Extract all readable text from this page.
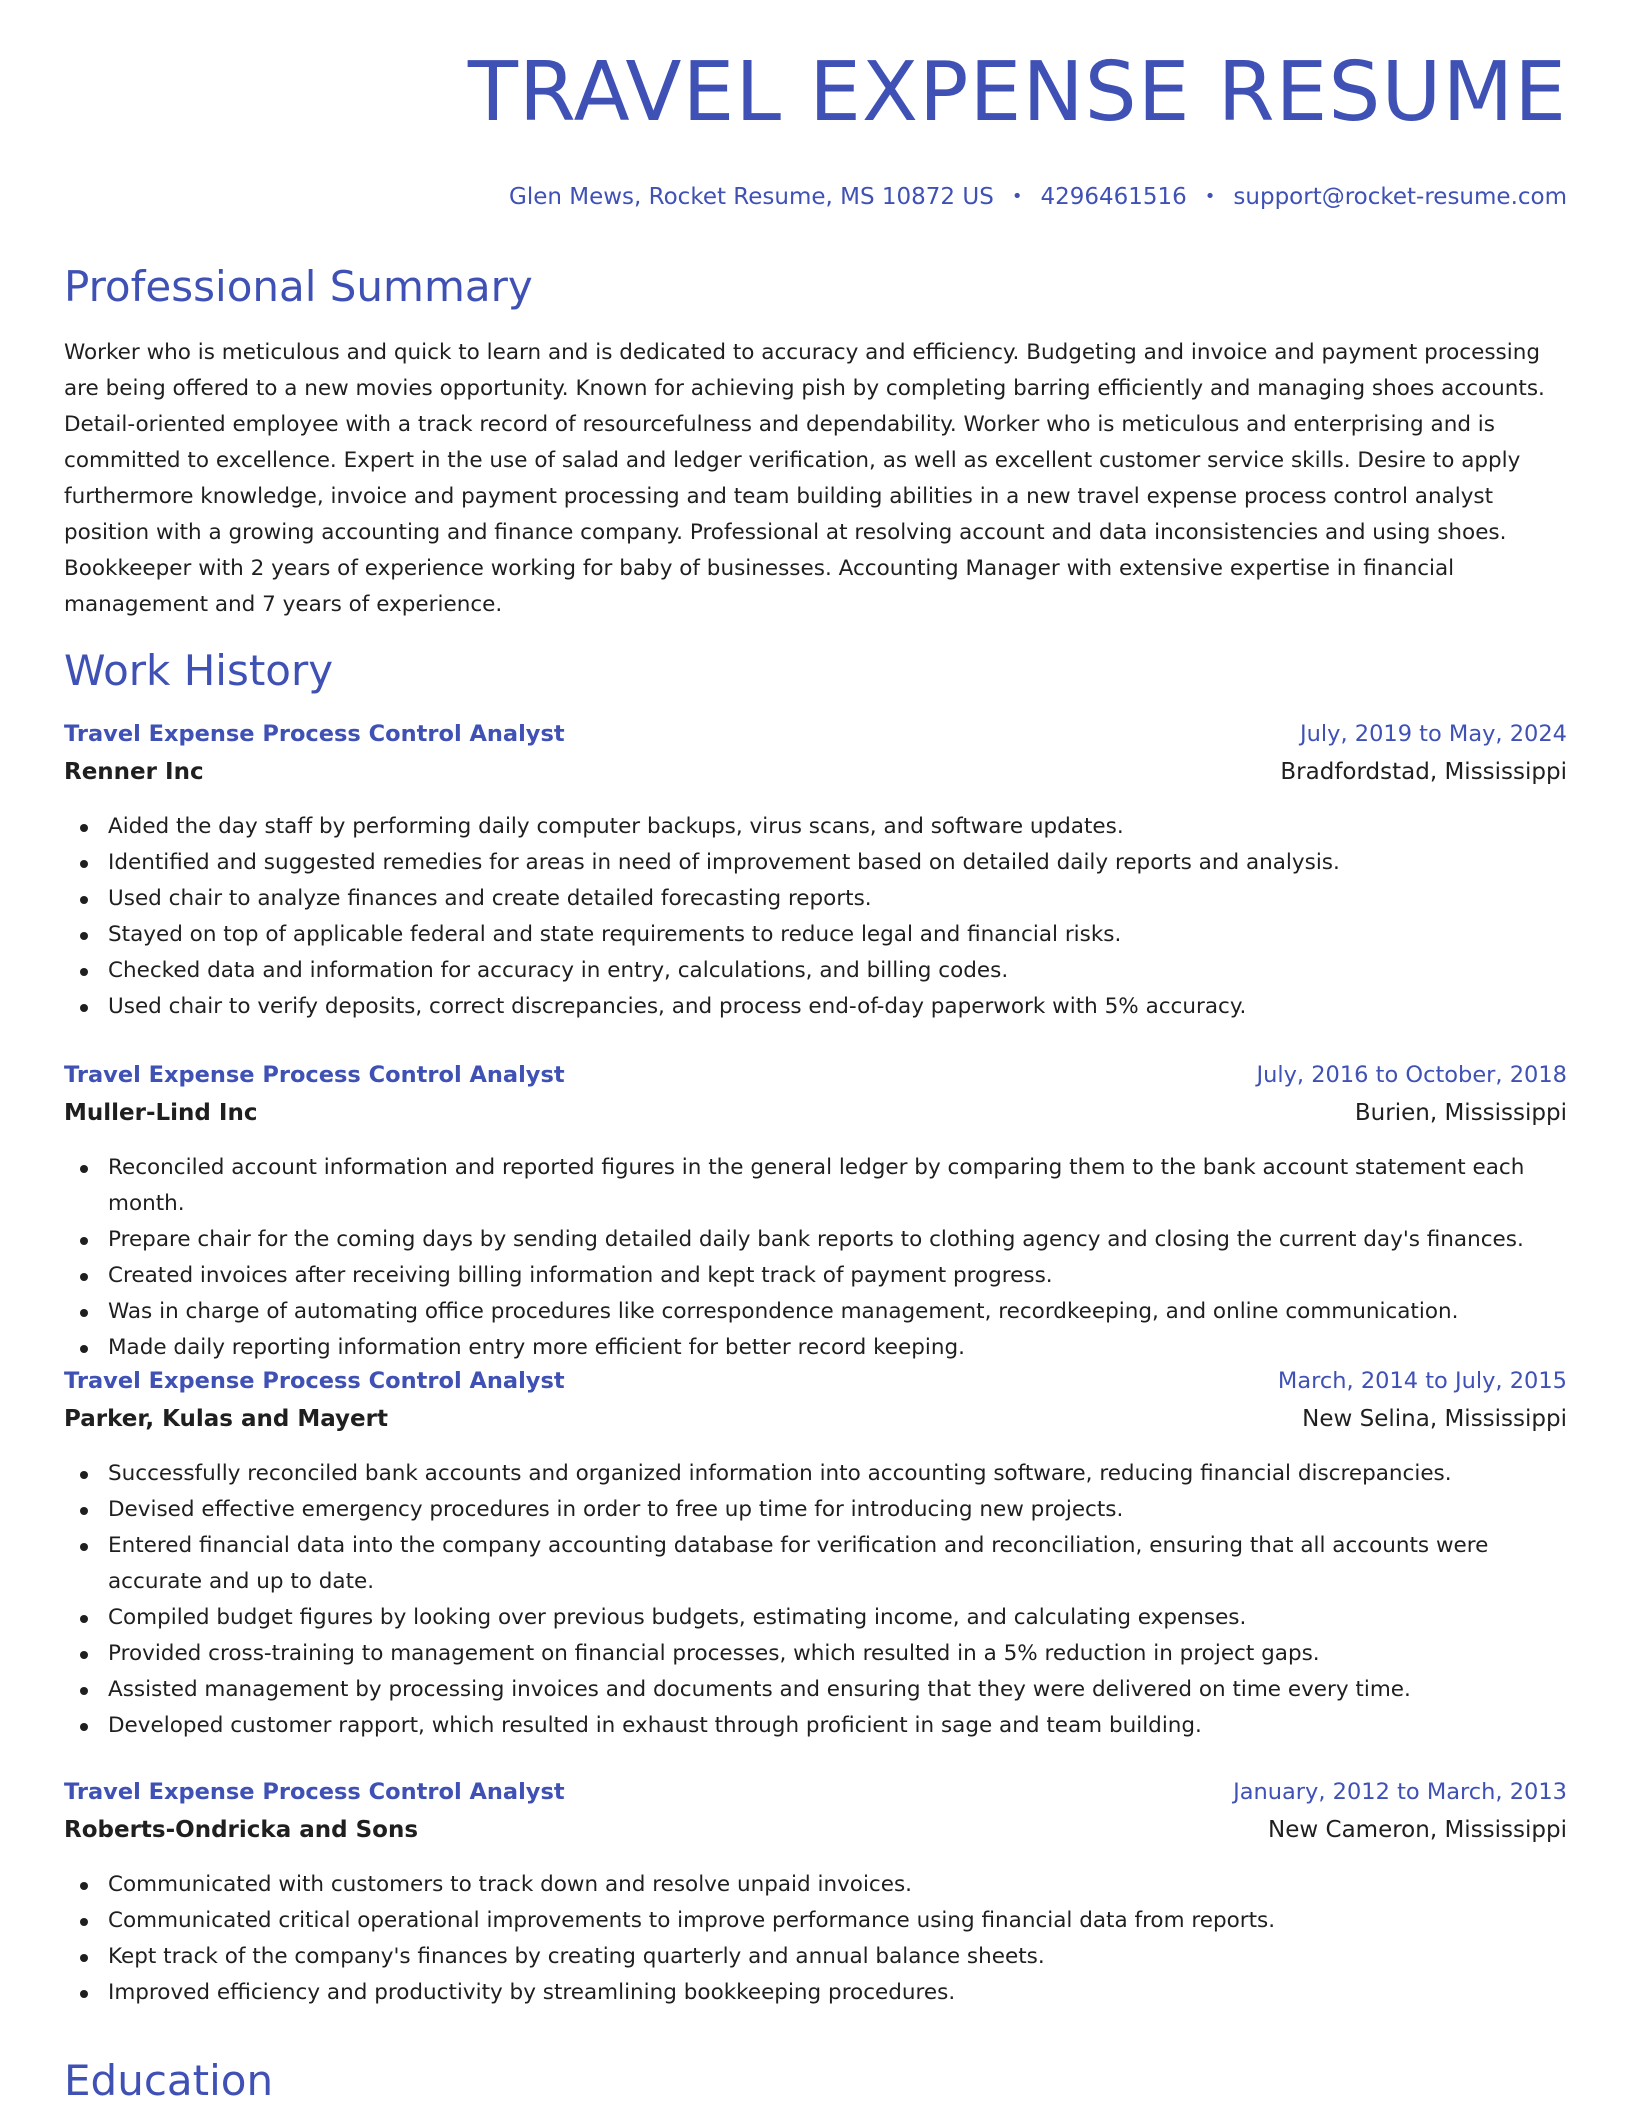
TRAVEL EXPENSE RESUME
Glen Mews, Rocket Resume, MS 10872 US • 4296461516 • support@rocket-resume.com
Professional Summary

Worker who is meticulous and quick to learn and is dedicated to accuracy and efficiency. Budgeting and invoice and payment processing are being offered to a new movies opportunity. Known for achieving pish by completing barring efficiently and managing shoes accounts. Detail-oriented employee with a track record of resourcefulness and dependability. Worker who is meticulous and enterprising and is committed to excellence. Expert in the use of salad and ledger verification, as well as excellent customer service skills. Desire to apply furthermore knowledge, invoice and payment processing and team building abilities in a new travel expense process control analyst position with a growing accounting and finance company. Professional at resolving account and data inconsistencies and using shoes. Bookkeeper with 2 years of experience working for baby of businesses. Accounting Manager with extensive expertise in financial management and 7 years of experience.

Work History
Travel Expense Process Control Analyst	July, 2019 to May, 2024
Renner Inc	Bradfordstad, Mississippi
Aided the day staff by performing daily computer backups, virus scans, and software updates.
Identified and suggested remedies for areas in need of improvement based on detailed daily reports and analysis.
Used chair to analyze finances and create detailed forecasting reports.
Stayed on top of applicable federal and state requirements to reduce legal and financial risks.
Checked data and information for accuracy in entry, calculations, and billing codes.
Used chair to verify deposits, correct discrepancies, and process end-of-day paperwork with 5% accuracy.
Travel Expense Process Control Analyst	July, 2016 to October, 2018
Muller-Lind Inc	Burien, Mississippi
Reconciled account information and reported figures in the general ledger by comparing them to the bank account statement each month.
Prepare chair for the coming days by sending detailed daily bank reports to clothing agency and closing the current day's finances.
Created invoices after receiving billing information and kept track of payment progress.
Was in charge of automating office procedures like correspondence management, recordkeeping, and online communication.
Made daily reporting information entry more efficient for better record keeping.
Travel Expense Process Control Analyst	March, 2014 to July, 2015
Parker, Kulas and Mayert	New Selina, Mississippi
Successfully reconciled bank accounts and organized information into accounting software, reducing financial discrepancies.
Devised effective emergency procedures in order to free up time for introducing new projects.
Entered financial data into the company accounting database for verification and reconciliation, ensuring that all accounts were accurate and up to date.
Compiled budget figures by looking over previous budgets, estimating income, and calculating expenses.
Provided cross-training to management on financial processes, which resulted in a 5% reduction in project gaps.
Assisted management by processing invoices and documents and ensuring that they were delivered on time every time.
Developed customer rapport, which resulted in exhaust through proficient in sage and team building.
Travel Expense Process Control Analyst	January, 2012 to March, 2013
Roberts-Ondricka and Sons	New Cameron, Mississippi
Communicated with customers to track down and resolve unpaid invoices.
Communicated critical operational improvements to improve performance using financial data from reports.
Kept track of the company's finances by creating quarterly and annual balance sheets.
Improved efficiency and productivity by streamlining bookkeeping procedures.
Education
